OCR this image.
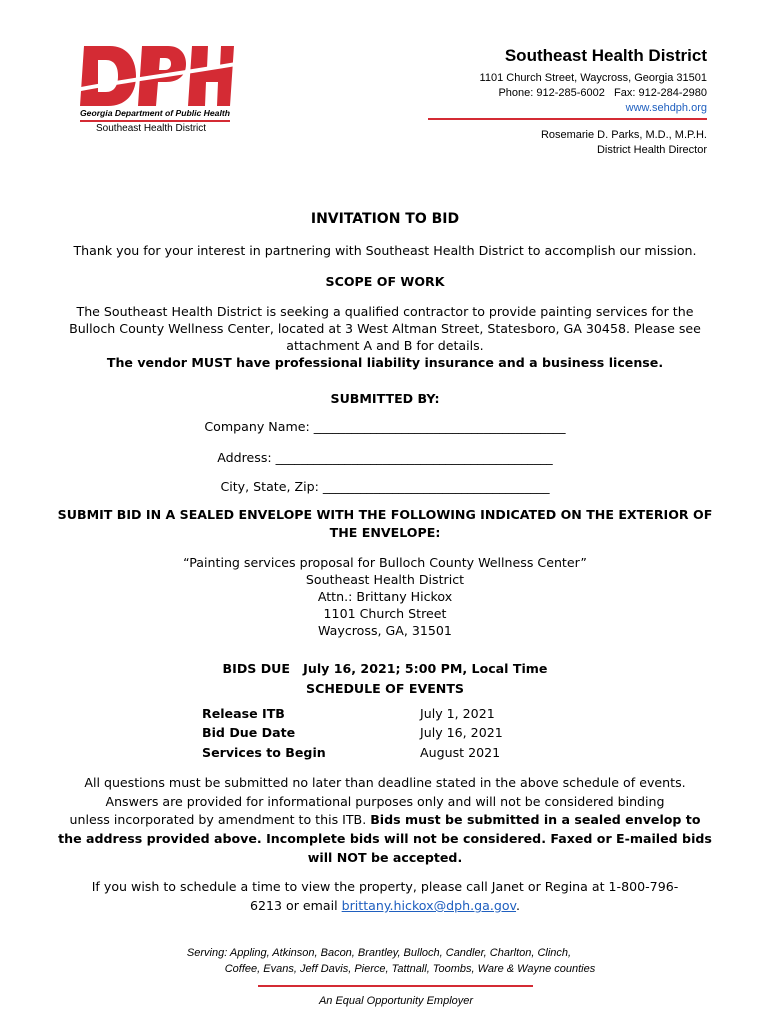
Georgia Department of Public Health
Southeast Health District
Southeast Health District
1101 Church Street, Waycross, Georgia 31501
Phone: 912-285-6002   Fax: 912-284-2980
www.sehdph.org
Rosemarie D. Parks, M.D., M.P.H.
District Health Director
INVITATION TO BID
Thank you for your interest in partnering with Southeast Health District to accomplish our mission.
SCOPE OF WORK
The Southeast Health District is seeking a qualified contractor to provide painting services for the
Bulloch County Wellness Center, located at 3 West Altman Street, Statesboro, GA 30458. Please see
attachment A and B for details.
The vendor MUST have professional liability insurance and a business license.
SUBMITTED BY:
Company Name: ________________________________________
Address: ____________________________________________
City, State, Zip: ____________________________________
SUBMIT BID IN A SEALED ENVELOPE WITH THE FOLLOWING INDICATED ON THE EXTERIOR OF
THE ENVELOPE:
“Painting services proposal for Bulloch County Wellness Center”
Southeast Health District
Attn.: Brittany Hickox
1101 Church Street
Waycross, GA, 31501
BIDS DUE July 16, 2021; 5:00 PM, Local Time
SCHEDULE OF EVENTS
Release ITB	July 1, 2021
Bid Due Date	July 16, 2021
Services to Begin	August 2021
All questions must be submitted no later than deadline stated in the above schedule of events.
Answers are provided for informational purposes only and will not be considered binding
unless incorporated by amendment to this ITB. Bids must be submitted in a sealed envelop to
the address provided above. Incomplete bids will not be considered. Faxed or E-mailed bids
will NOT be accepted.
If you wish to schedule a time to view the property, please call Janet or Regina at 1-800-796-
6213 or email brittany.hickox@dph.ga.gov.
Serving: Appling, Atkinson, Bacon, Brantley, Bulloch, Candler, Charlton, Clinch,
Coffee, Evans, Jeff Davis, Pierce, Tattnall, Toombs, Ware & Wayne counties
An Equal Opportunity Employer
